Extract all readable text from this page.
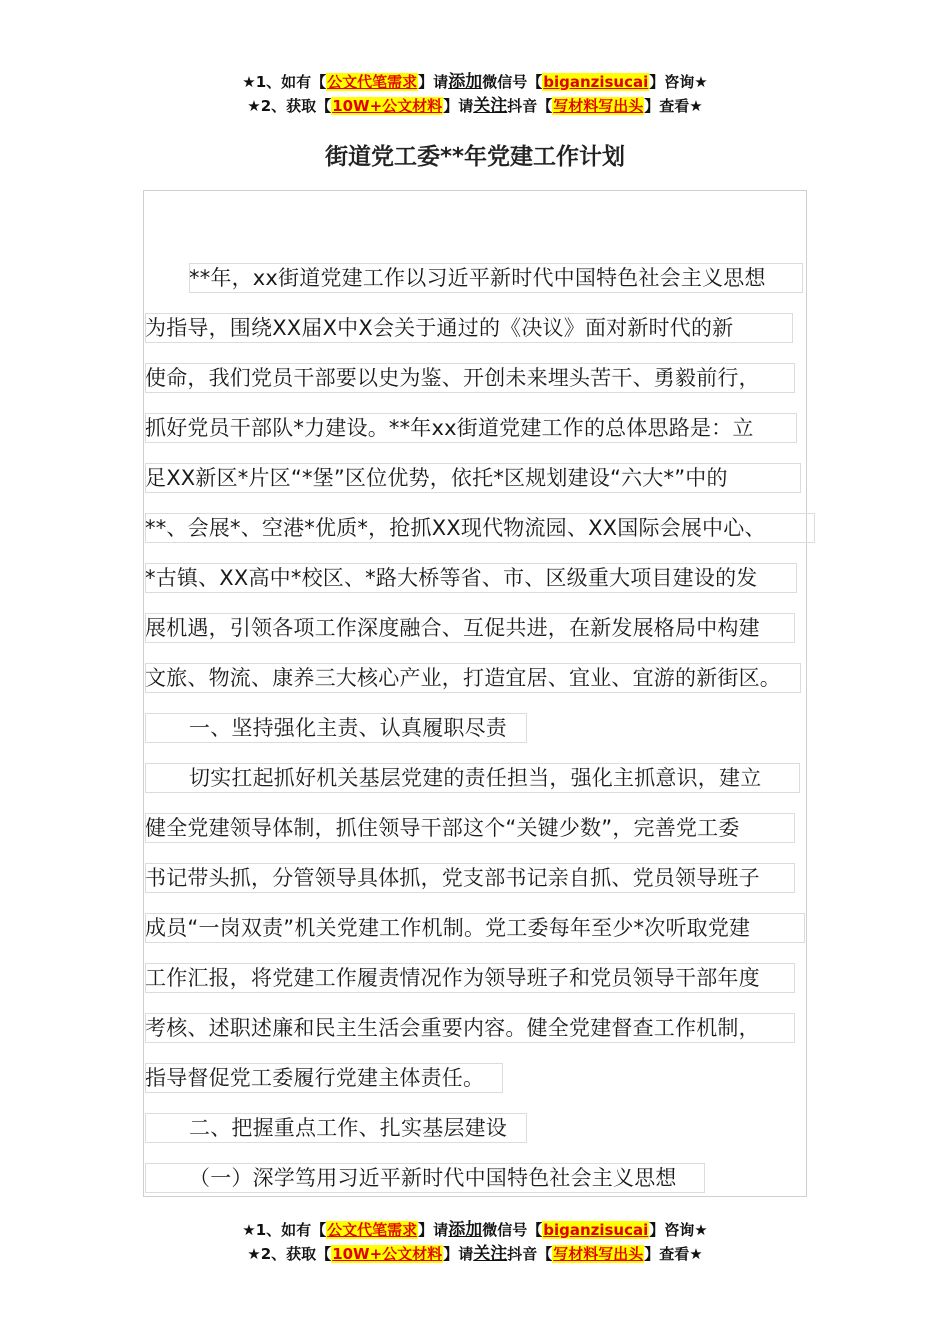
★1、如有【公文代笔需求】请添加微信号【biganzisucai】咨询★
★2、获取【10W+公文材料】请关注抖音【写材料写出头】查看★
街道党工委**年党建工作计划
**年，xx街道党建工作以习近平新时代中国特色社会主义思想
为指导，围绕XX届X中X会关于通过的《决议》面对新时代的新
使命，我们党员干部要以史为鉴、开创未来埋头苦干、勇毅前行，
抓好党员干部队*力建设。**年xx街道党建工作的总体思路是：立
足XX新区*片区“*堡”区位优势，依托*区规划建设“六大*”中的
**、会展*、空港*优质*，抢抓XX现代物流园、XX国际会展中心、
*古镇、XX高中*校区、*路大桥等省、市、区级重大项目建设的发
展机遇，引领各项工作深度融合、互促共进，在新发展格局中构建
文旅、物流、康养三大核心产业，打造宜居、宜业、宜游的新街区。
一、坚持强化主责、认真履职尽责
切实扛起抓好机关基层党建的责任担当，强化主抓意识，建立
健全党建领导体制，抓住领导干部这个“关键少数”，完善党工委
书记带头抓，分管领导具体抓，党支部书记亲自抓、党员领导班子
成员“一岗双责”机关党建工作机制。党工委每年至少*次听取党建
工作汇报，将党建工作履责情况作为领导班子和党员领导干部年度
考核、述职述廉和民主生活会重要内容。健全党建督查工作机制，
指导督促党工委履行党建主体责任。
二、把握重点工作、扎实基层建设
（一）深学笃用习近平新时代中国特色社会主义思想
★1、如有【公文代笔需求】请添加微信号【biganzisucai】咨询★
★2、获取【10W+公文材料】请关注抖音【写材料写出头】查看★
